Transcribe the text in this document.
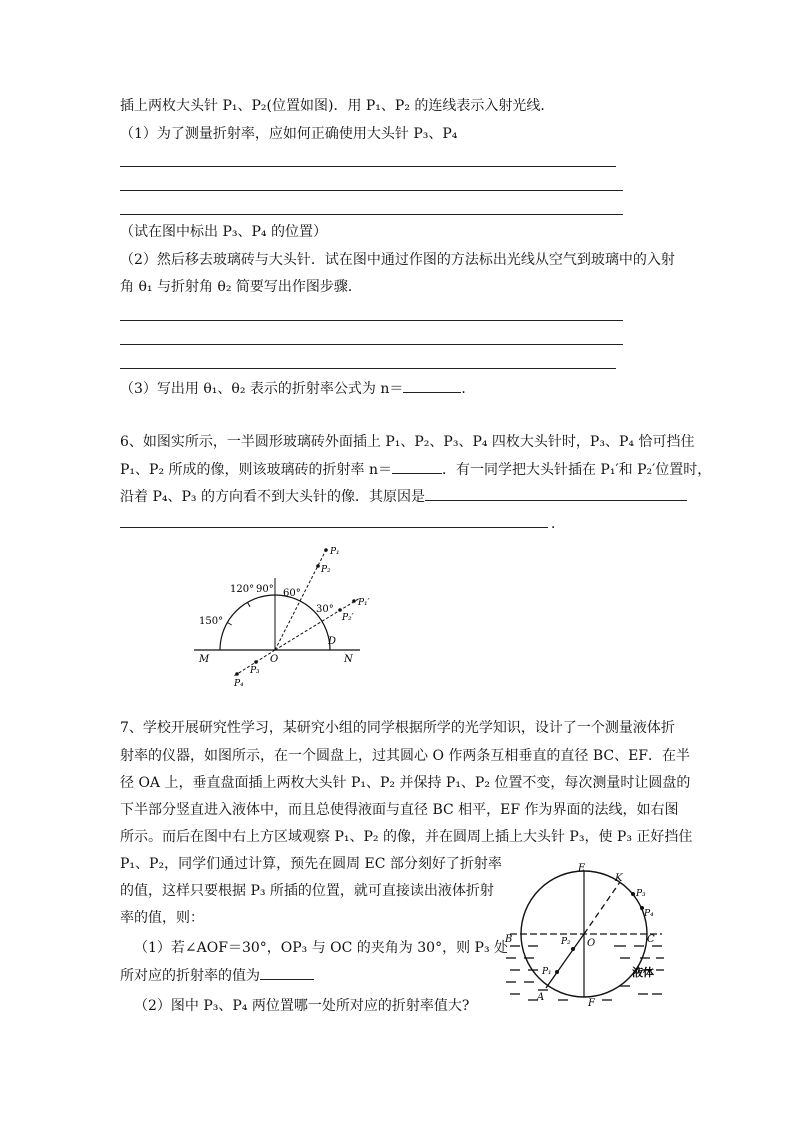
插上两枚大头针 P₁、P₂(位置如图)．用 P₁、P₂ 的连线表示入射光线．
（1）为了测量折射率，应如何正确使用大头针 P₃、P₄
（试在图中标出 P₃、P₄ 的位置）
（2）然后移去玻璃砖与大头针．试在图中通过作图的方法标出光线从空气到玻璃中的入射
角 θ₁ 与折射角 θ₂ 简要写出作图步骤．
（3）写出用 θ₁、θ₂ 表示的折射率公式为 n＝	．
6、如图实所示，一半圆形玻璃砖外面插上 P₁、P₂、P₃、P₄ 四枚大头针时，P₃、P₄ 恰可挡住
P₁、P₂ 所成的像，则该玻璃砖的折射率 n＝	．有一同学把大头针插在 P₁′和 P₂′位置时，
沿着 P₄、P₃ 的方向看不到大头针的像．其原因是
．
120° 90° 60°
30°
150°
M	O	N
D
P₁
P₂
P₁′
P₂′
P₃
P₄
7、学校开展研究性学习，某研究小组的同学根据所学的光学知识，设计了一个测量液体折
射率的仪器，如图所示，在一个圆盘上，过其圆心 O 作两条互相垂直的直径 BC、EF．在半
径 OA 上，垂直盘面插上两枚大头针 P₁、P₂ 并保持 P₁、P₂ 位置不变，每次测量时让圆盘的
下半部分竖直进入液体中，而且总使得液面与直径 BC 相平，EF 作为界面的法线，如右图
所示。而后在图中右上方区域观察 P₁、P₂ 的像，并在圆周上插上大头针 P₃，使 P₃ 正好挡住
P₁、P₂，同学们通过计算，预先在圆周 EC 部分刻好了折射率
的值，这样只要根据 P₃ 所插的位置，就可直接读出液体折射
率的值，则：
（1）若∠AOF＝30°，OP₃ 与 OC 的夹角为 30°，则 P₃ 处
所对应的折射率的值为
（2）图中 P₃、P₄ 两位置哪一处所对应的折射率值大?
E
K
P₃
P₄
B	C
O
P₂
P₁
A
F
液体
